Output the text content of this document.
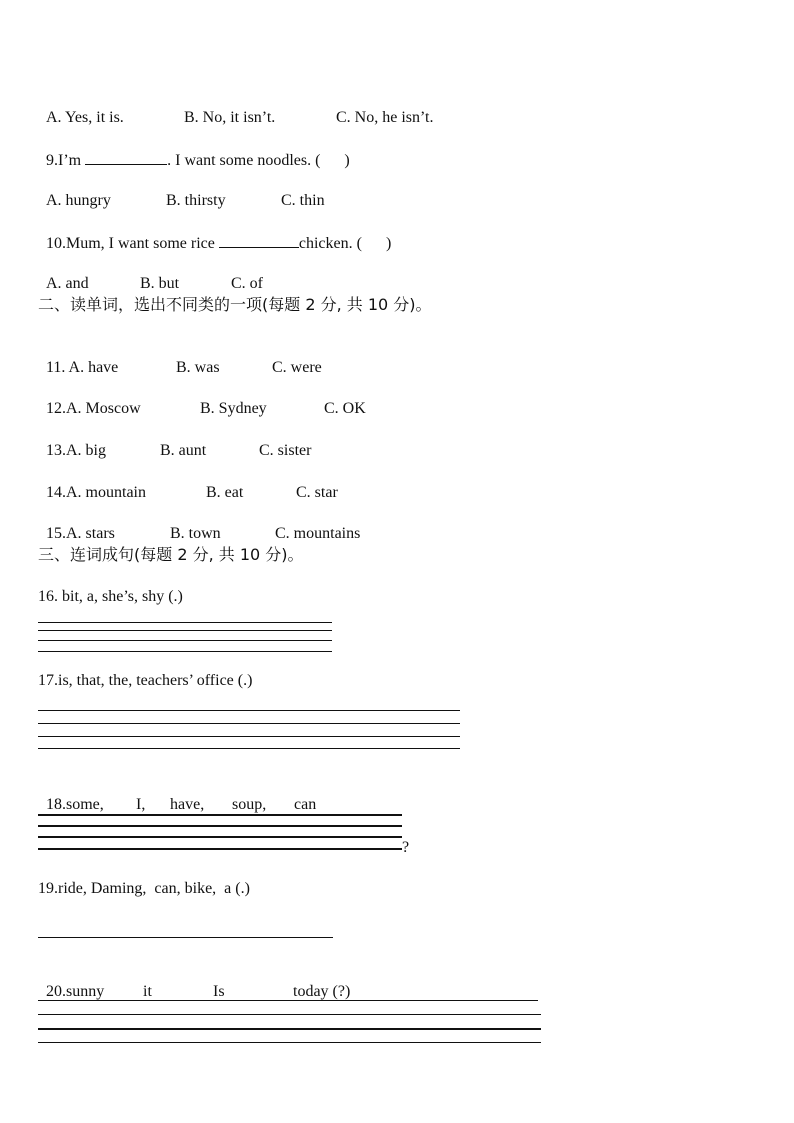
A. Yes, it is.	B. No, it isn’t.	C. No, he isn’t.

9.I’m	. I want some noodles. (      )

A. hungry	B. thirsty	C. thin

10.Mum, I want some rice	chicken. (      )

A. and	B. but	C. of

二、读单词，选出不同类的一项(每题 2 分, 共 10 分)。

11. A. have	B. was	C. were

12.A. Moscow	B. Sydney	C. OK

13.A. big	B. aunt	C. sister

14.A. mountain	B. eat	C. star

15.A. stars	B. town	C. mountains

三、连词成句(每题 2 分, 共 10 分)。
16. bit, a, she’s, shy (.)
17.is, that, the, teachers’ office (.)

18.some, I, have, soup, can

?
19.ride, Daming,  can, bike,  a (.)

20.sunny it	Is	today (?)
